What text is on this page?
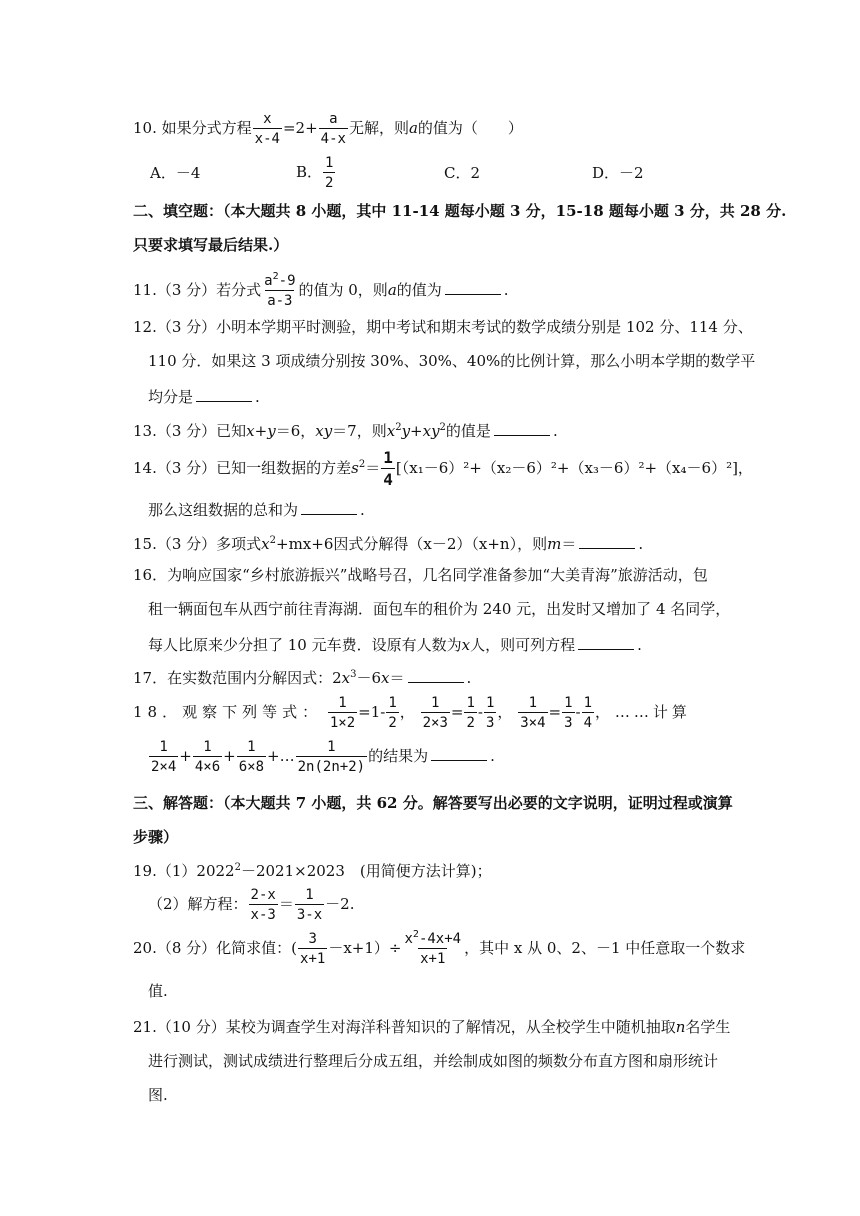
10. 如果分式方程 $\frac{x}{x-4} =2+ \frac{a}{4-x}$ 无解，则a的值为（　　）
A．－4	B． $\frac{1}{2}$	C．2	D．－2
二、填空题：（本大题共 8 小题，其中 11-14 题每小题 3 分，15-18 题每小题 3 分，共 28 分.
只要求填写最后结果.）
11.（3 分）若分式 $\frac{a^2-9}{a-3}$ 的值为 0，则a的值为	.
12.（3 分）小明本学期平时测验，期中考试和期末考试的数学成绩分别是 102 分、114 分、
110 分．如果这 3 项成绩分别按 30%、30%、40%的比例计算，那么小明本学期的数学平
均分是	.
13.（3 分）已知x+y＝6，xy＝7，则$x^2y+xy^2$的值是	.
14.（3 分）已知一组数据的方差$s^2= \frac{1}{4} [(x_1-6)^2+(x_2-6)^2+(x_3-6)^2+(x_4-6)^2]$，
那么这组数据的总和为	.
15.（3 分）多项式$x^2+mx+6$因式分解得（x－2）（x+n），则m＝	.
16．为响应国家“乡村旅游振兴”战略号召，几名同学准备参加“大美青海”旅游活动，包
租一辆面包车从西宁前往青海湖．面包车的租价为 240 元，出发时又增加了 4 名同学，
每人比原来少分担了 10 元车费．设原有人数为x人，则可列方程	.
17．在实数范围内分解因式：$2x^3-6x=$	.
18．观察下列等式： $\frac{1}{1\times 2} =1- \frac{1}{2}$ ， $\frac{1}{2\times 3} = \frac{1}{2} - \frac{1}{3}$ ， $\frac{1}{3\times 4} = \frac{1}{3} - \frac{1}{4}$ ， ……计算
$\frac{1}{2\times 4} + \frac{1}{4\times 6} + \frac{1}{6\times 8}$ +… $\frac{1}{2n(2n+2)}$ 的结果为	.
三、解答题：（本大题共 7 小题，共 62 分。解答要写出必要的文字说明，证明过程或演算
步骤）
$19.(1)2022^2-2021\times 2023$　(用简便方法计算)；
（2）解方程： $\frac{2-x}{x-3} = \frac{1}{3-x} -2$.
20.（8 分）化简求值：( $\frac{3}{x+1} -x+1)\div \frac{x^2-4x+4}{x+1}$ ，其中 x 从 0、2、－1 中任意取一个数求
值.
21.（10 分）某校为调查学生对海洋科普知识的了解情况，从全校学生中随机抽取n名学生
进行测试，测试成绩进行整理后分成五组，并绘制成如图的频数分布直方图和扇形统计
图.
